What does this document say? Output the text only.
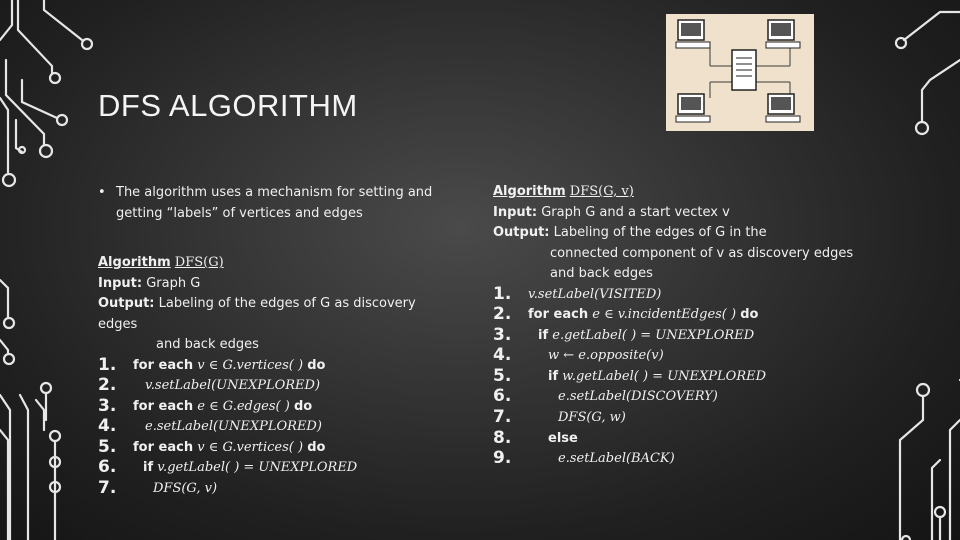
DFS ALGORITHM
• The algorithm uses a mechanism for setting and getting “labels” of vertices and edges
Algorithm DFS(G)
Input: Graph G
Output: Labeling of the edges of G as discovery edges
and back edges
1.	for each v ∈ G.vertices( ) do
2.	v.setLabel(UNEXPLORED)
3.	for each e ∈ G.edges( ) do
4.	e.setLabel(UNEXPLORED)
5.	for each v ∈ G.vertices( ) do
6.	if v.getLabel( ) = UNEXPLORED
7.	DFS(G, v)
Algorithm DFS(G, v)
Input: Graph G and a start vectex v
Output: Labeling of the edges of G in the
connected component of v as discovery edges
and back edges
1.	v.setLabel(VISITED)
2.	for each e ∈ v.incidentEdges( ) do
3.	if e.getLabel( ) = UNEXPLORED
4.	w ← e.opposite(v)
5.	if w.getLabel( ) = UNEXPLORED
6.	e.setLabel(DISCOVERY)
7.	DFS(G, w)
8.	else
9.	e.setLabel(BACK)
